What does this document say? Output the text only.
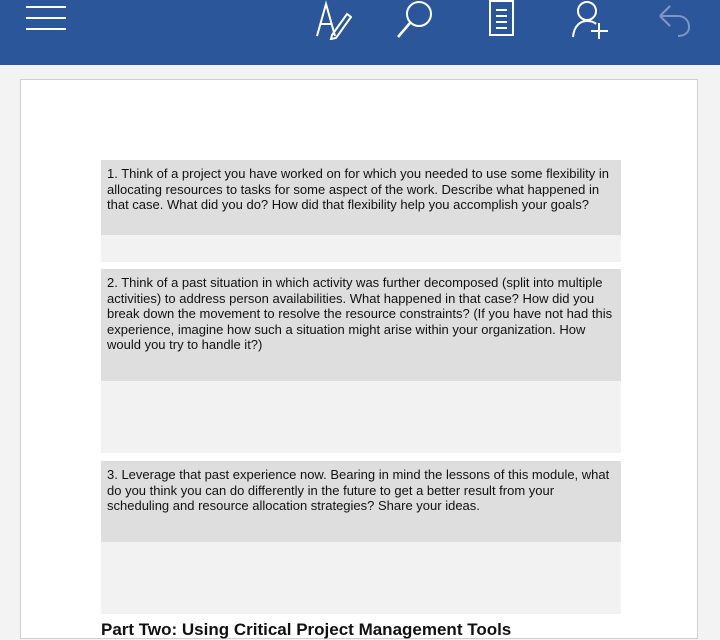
1. Think of a project you have worked on for which you needed to use some flexibility in allocating resources to tasks for some aspect of the work. Describe what happened in that case. What did you do? How did that flexibility help you accomplish your goals?
2. Think of a past situation in which activity was further decomposed (split into multiple activities) to address person availabilities. What happened in that case? How did you break down the movement to resolve the resource constraints? (If you have not had this experience, imagine how such a situation might arise within your organization. How would you try to handle it?)
3. Leverage that past experience now. Bearing in mind the lessons of this module, what do you think you can do differently in the future to get a better result from your scheduling and resource allocation strategies? Share your ideas.
Part Two: Using Critical Project Management Tools
